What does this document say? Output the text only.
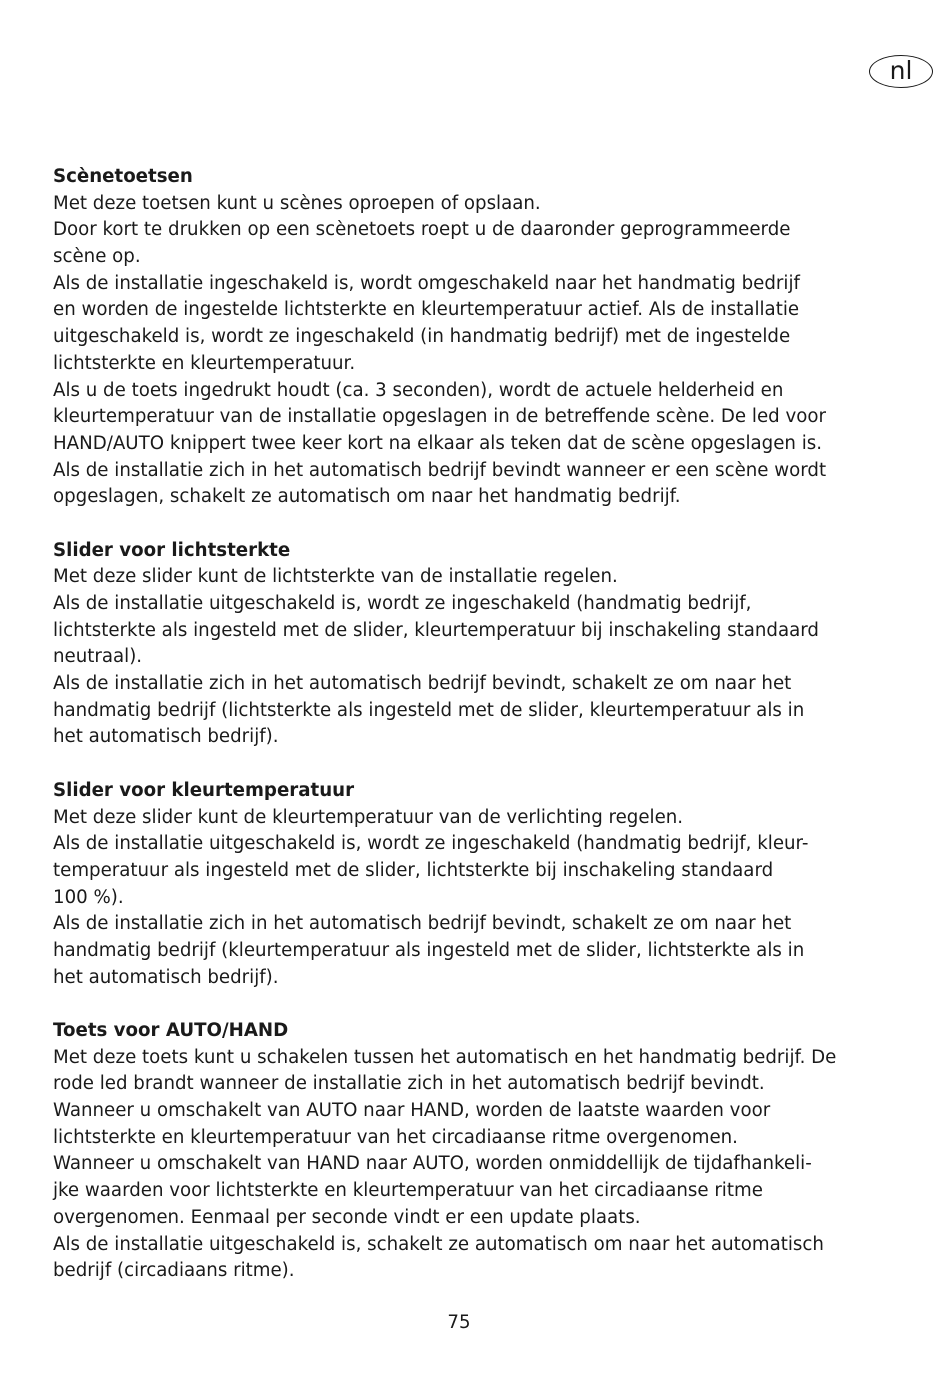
nl
Scènetoetsen
Met deze toetsen kunt u scènes oproepen of opslaan.
Door kort te drukken op een scènetoets roept u de daaronder geprogrammeerde
scène op.
Als de installatie ingeschakeld is, wordt omgeschakeld naar het handmatig bedrijf
en worden de ingestelde lichtsterkte en kleurtemperatuur actief. Als de installatie
uitgeschakeld is, wordt ze ingeschakeld (in handmatig bedrijf) met de ingestelde
lichtsterkte en kleurtemperatuur.
Als u de toets ingedrukt houdt (ca. 3 seconden), wordt de actuele helderheid en
kleurtemperatuur van de installatie opgeslagen in de betreffende scène. De led voor
HAND/AUTO knippert twee keer kort na elkaar als teken dat de scène opgeslagen is.
Als de installatie zich in het automatisch bedrijf bevindt wanneer er een scène wordt
opgeslagen, schakelt ze automatisch om naar het handmatig bedrijf.
Slider voor lichtsterkte
Met deze slider kunt de lichtsterkte van de installatie regelen.
Als de installatie uitgeschakeld is, wordt ze ingeschakeld (handmatig bedrijf,
lichtsterkte als ingesteld met de slider, kleurtemperatuur bij inschakeling standaard
neutraal).
Als de installatie zich in het automatisch bedrijf bevindt, schakelt ze om naar het
handmatig bedrijf (lichtsterkte als ingesteld met de slider, kleurtemperatuur als in
het automatisch bedrijf).
Slider voor kleurtemperatuur
Met deze slider kunt de kleurtemperatuur van de verlichting regelen.
Als de installatie uitgeschakeld is, wordt ze ingeschakeld (handmatig bedrijf, kleur-
temperatuur als ingesteld met de slider, lichtsterkte bij inschakeling standaard
100 %).
Als de installatie zich in het automatisch bedrijf bevindt, schakelt ze om naar het
handmatig bedrijf (kleurtemperatuur als ingesteld met de slider, lichtsterkte als in
het automatisch bedrijf).
Toets voor AUTO/HAND
Met deze toets kunt u schakelen tussen het automatisch en het handmatig bedrijf. De
rode led brandt wanneer de installatie zich in het automatisch bedrijf bevindt.
Wanneer u omschakelt van AUTO naar HAND, worden de laatste waarden voor
lichtsterkte en kleurtemperatuur van het circadiaanse ritme overgenomen.
Wanneer u omschakelt van HAND naar AUTO, worden onmiddellijk de tijdafhankeli-
jke waarden voor lichtsterkte en kleurtemperatuur van het circadiaanse ritme
overgenomen. Eenmaal per seconde vindt er een update plaats.
Als de installatie uitgeschakeld is, schakelt ze automatisch om naar het automatisch
bedrijf (circadiaans ritme).
75
